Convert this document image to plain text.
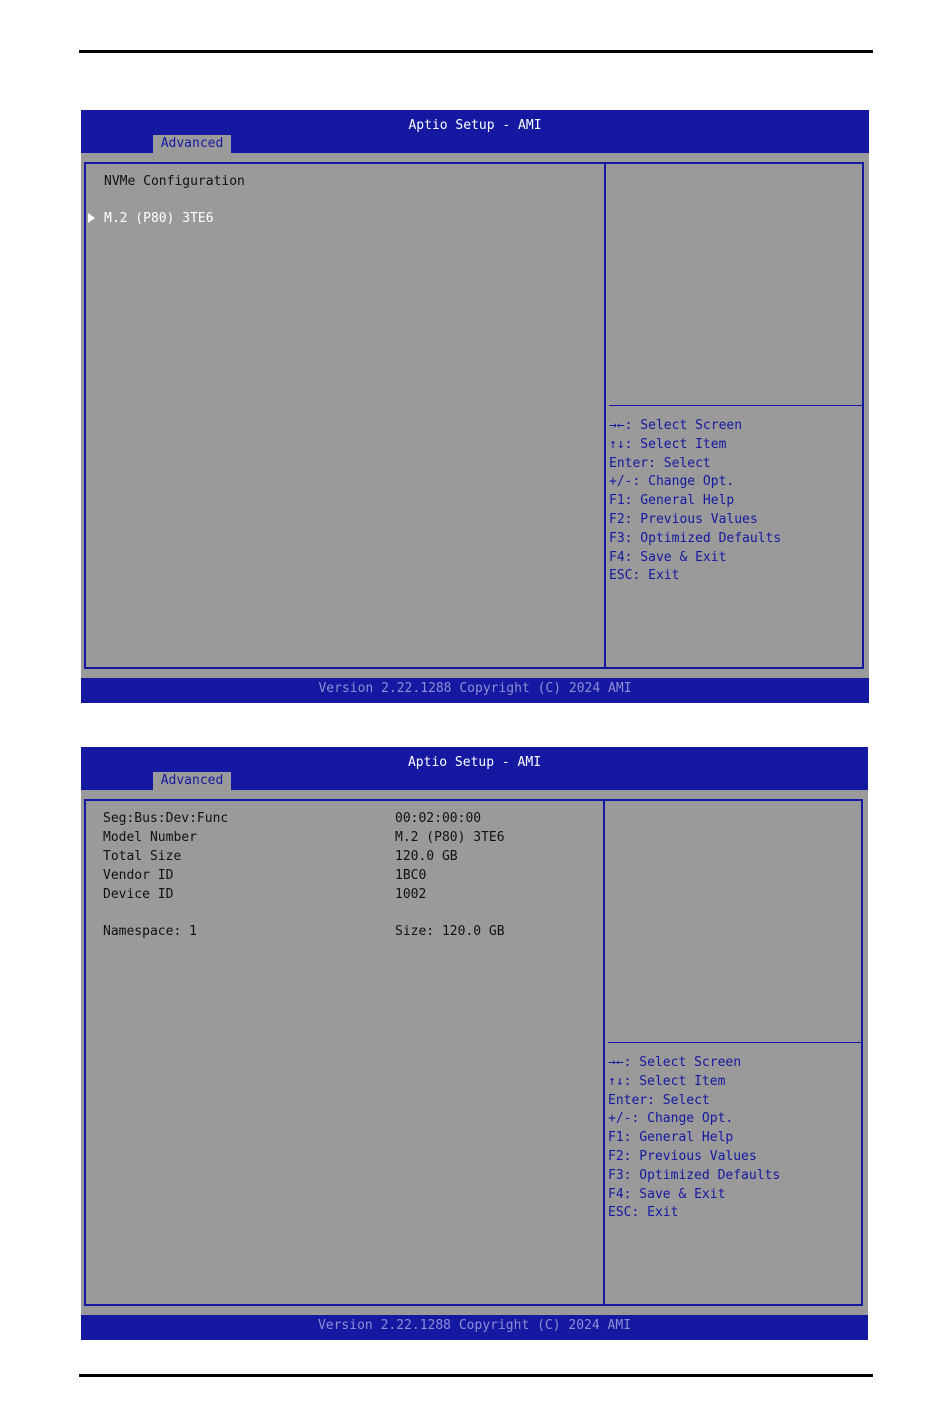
Aptio Setup - AMI
Advanced
NVMe Configuration
M.2 (P80) 3TE6
→←: Select Screen
↑↓: Select Item
Enter: Select
+/-: Change Opt.
F1: General Help
F2: Previous Values
F3: Optimized Defaults
F4: Save & Exit
ESC: Exit
Version 2.22.1288 Copyright (C) 2024 AMI
Aptio Setup - AMI
Advanced
Seg:Bus:Dev:Func	00:02:00:00
Model Number	M.2 (P80) 3TE6
Total Size	120.0 GB
Vendor ID	1BC0
Device ID	1002
Namespace: 1	Size: 120.0 GB
→←: Select Screen
↑↓: Select Item
Enter: Select
+/-: Change Opt.
F1: General Help
F2: Previous Values
F3: Optimized Defaults
F4: Save & Exit
ESC: Exit
Version 2.22.1288 Copyright (C) 2024 AMI
